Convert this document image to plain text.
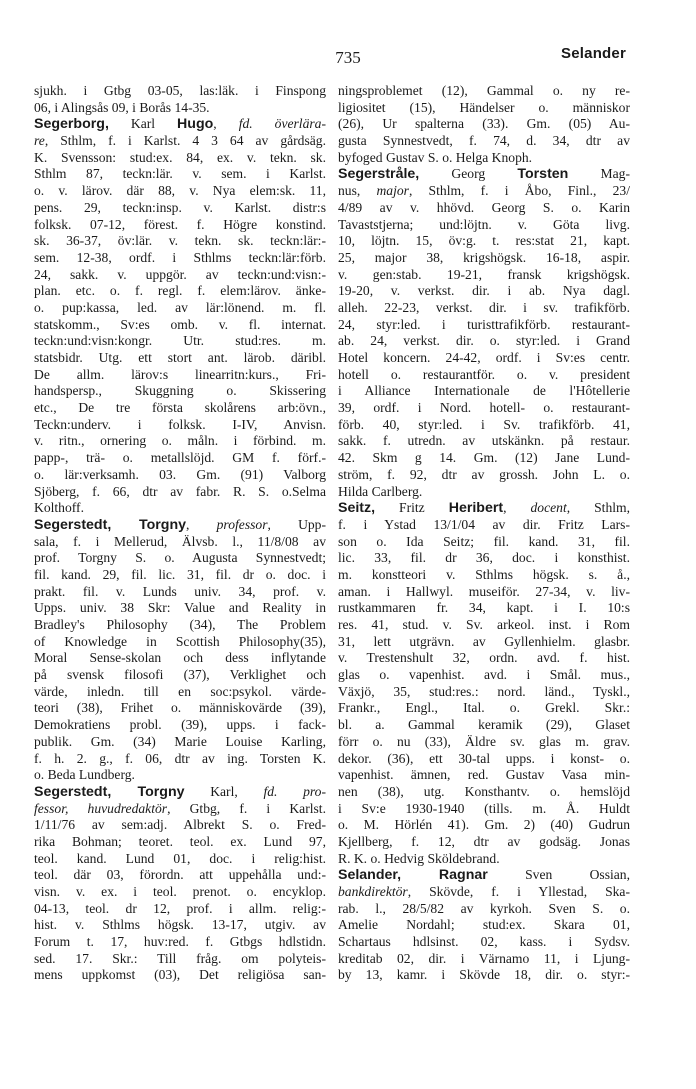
735	Selander
sjukh. i Gtbg 03-05, las:läk. i Finspong
06, i Alingsås 09, i Borås 14-35.
Segerborg, Karl Hugo, fd. överlära-
re, Sthlm, f. i Karlst. 4 3 64 av gårdsäg.
K. Svensson: stud:ex. 84, ex. v. tekn. sk.
Sthlm 87, teckn:lär. v. sem. i Karlst.
o. v. lärov. där 88, v. Nya elem:sk. 11,
pens. 29, teckn:insp. v. Karlst. distr:s
folksk. 07-12, förest. f. Högre konstind.
sk. 36-37, öv:lär. v. tekn. sk. teckn:lär:-
sem. 12-38, ordf. i Sthlms teckn:lär:förb.
24, sakk. v. uppgör. av teckn:und:visn:-
plan. etc. o. f. regl. f. elem:lärov. änke-
o. pup:kassa, led. av lär:lönend. m. fl.
statskomm., Sv:es omb. v. fl. internat.
teckn:und:visn:kongr. Utr. stud:res. m.
statsbidr. Utg. ett stort ant. lärob. däribl.
De allm. lärov:s linearritn:kurs., Fri-
handspersp., Skuggning o. Skissering
etc., De tre första skolårens arb:övn.,
Teckn:underv. i folksk. I-IV, Anvisn.
v. ritn., ornering o. måln. i förbind. m.
papp-, trä- o. metallslöjd. GM f. förf.-
o. lär:verksamh. 03. Gm. (91) Valborg
Sjöberg, f. 66, dtr av fabr. R. S. o.Selma
Kolthoff.
Segerstedt, Torgny, professor, Upp-
sala, f. i Mellerud, Älvsb. l., 11/8/08 av
prof. Torgny S. o. Augusta Synnestvedt;
fil. kand. 29, fil. lic. 31, fil. dr o. doc. i
prakt. fil. v. Lunds univ. 34, prof. v.
Upps. univ. 38 Skr: Value and Reality in
Bradley's Philosophy (34), The Problem
of Knowledge in Scottish Philosophy(35),
Moral Sense-skolan och dess inflytande
på svensk filosofi (37), Verklighet och
värde, inledn. till en soc:psykol. värde-
teori (38), Frihet o. människovärde (39),
Demokratiens probl. (39), upps. i fack-
publik. Gm. (34) Marie Louise Karling,
f. h. 2. g., f. 06, dtr av ing. Torsten K.
o. Beda Lundberg.
Segerstedt, Torgny Karl, fd. pro-
fessor, huvudredaktör, Gtbg, f. i Karlst.
1/11/76 av sem:adj. Albrekt S. o. Fred-
rika Bohman; teoret. teol. ex. Lund 97,
teol. kand. Lund 01, doc. i relig:hist.
teol. där 03, förordn. att uppehålla und:-
visn. v. ex. i teol. prenot. o. encyklop.
04-13, teol. dr 12, prof. i allm. relig:-
hist. v. Sthlms högsk. 13-17, utgiv. av
Forum t. 17, huv:red. f. Gtbgs hdlstidn.
sed. 17. Skr.: Till fråg. om polyteis-
mens uppkomst (03), Det religiösa san-
ningsproblemet (12), Gammal o. ny re-
ligiositet (15), Händelser o. människor
(26), Ur spalterna (33). Gm. (05) Au-
gusta Synnestvedt, f. 74, d. 34, dtr av
byfoged Gustav S. o. Helga Knoph.
Segerstråle, Georg Torsten Mag-
nus, major, Sthlm, f. i Åbo, Finl., 23/
4/89 av v. hhövd. Georg S. o. Karin
Tavaststjerna; und:löjtn. v. Göta livg.
10, löjtn. 15, öv:g. t. res:stat 21, kapt.
25, major 38, krigshögsk. 16-18, aspir.
v. gen:stab. 19-21, fransk krigshögsk.
19-20, v. verkst. dir. i ab. Nya dagl.
alleh. 22-23, verkst. dir. i sv. trafikförb.
24, styr:led. i turisttrafikförb. restaurant-
ab. 24, verkst. dir. o. styr:led. i Grand
Hotel koncern. 24-42, ordf. i Sv:es centr.
hotell o. restaurantför. o. v. president
i Alliance Internationale de l'Hôtellerie
39, ordf. i Nord. hotell- o. restaurant-
förb. 40, styr:led. i Sv. trafikförb. 41,
sakk. f. utredn. av utskänkn. på restaur.
42. Skm g 14. Gm. (12) Jane Lund-
ström, f. 92, dtr av grossh. John L. o.
Hilda Carlberg.
Seitz, Fritz Heribert, docent, Sthlm,
f. i Ystad 13/1/04 av dir. Fritz Lars-
son o. Ida Seitz; fil. kand. 31, fil.
lic. 33, fil. dr 36, doc. i konsthist.
m. konstteori v. Sthlms högsk. s. å.,
aman. i Hallwyl. museiför. 27-34, v. liv-
rustkammaren fr. 34, kapt. i I. 10:s
res. 41, stud. v. Sv. arkeol. inst. i Rom
31, lett utgrävn. av Gyllenhielm. glasbr.
v. Trestenshult 32, ordn. avd. f. hist.
glas o. vapenhist. avd. i Smål. mus.,
Växjö, 35, stud:res.: nord. länd., Tyskl.,
Frankr., Engl., Ital. o. Grekl. Skr.:
bl. a. Gammal keramik (29), Glaset
förr o. nu (33), Äldre sv. glas m. grav.
dekor. (36), ett 30-tal upps. i konst- o.
vapenhist. ämnen, red. Gustav Vasa min-
nen (38), utg. Konsthantv. o. hemslöjd
i Sv:e 1930-1940 (tills. m. Å. Huldt
o. M. Hörlén 41). Gm. 2) (40) Gudrun
Kjellberg, f. 12, dtr av godsäg. Jonas
R. K. o. Hedvig Sköldebrand.
Selander, Ragnar Sven Ossian,
bankdirektör, Skövde, f. i Yllestad, Ska-
rab. l., 28/5/82 av kyrkoh. Sven S. o.
Amelie Nordahl; stud:ex. Skara 01,
Schartaus hdlsinst. 02, kass. i Sydsv.
kreditab 02, dir. i Värnamo 11, i Ljung-
by 13, kamr. i Skövde 18, dir. o. styr:-
